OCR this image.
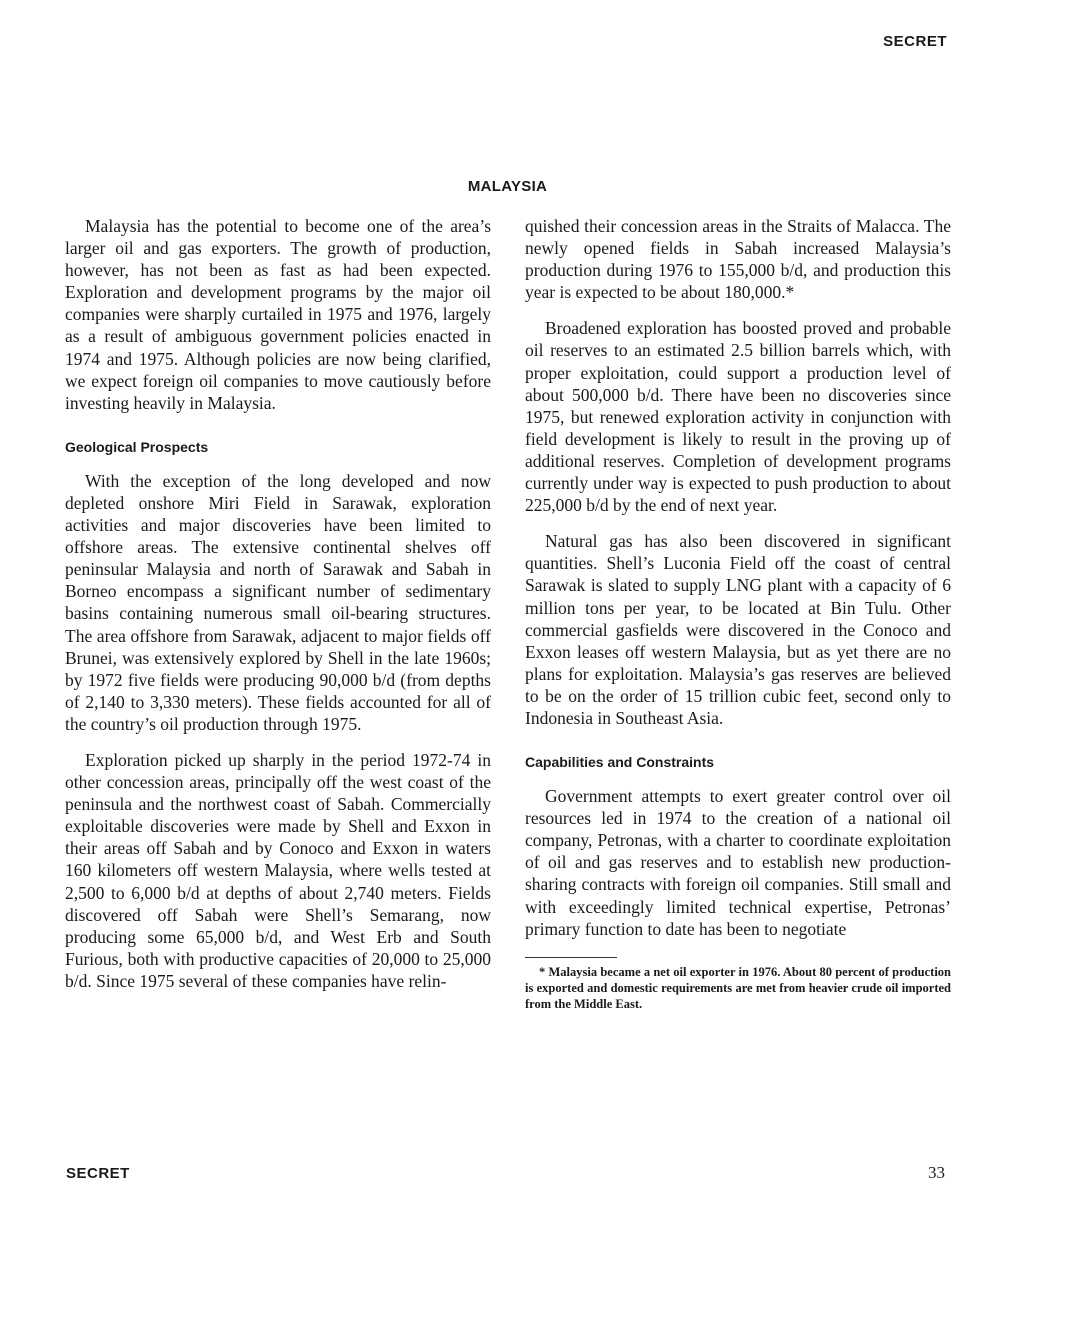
SECRET
MALAYSIA

Malaysia has the potential to become one of the area’s larger oil and gas exporters. The growth of production, however, has not been as fast as had been expected. Exploration and development programs by the major oil companies were sharply curtailed in 1975 and 1976, largely as a result of ambiguous government policies enacted in 1974 and 1975. Although policies are now being clarified, we expect foreign oil companies to move cautiously before investing heavily in Malaysia.

Geological Prospects

With the exception of the long developed and now depleted onshore Miri Field in Sarawak, exploration activities and major discoveries have been limited to offshore areas. The extensive continental shelves off peninsular Malaysia and north of Sarawak and Sabah in Borneo encompass a significant number of sedimentary basins containing numerous small oil-bearing structures. The area offshore from Sarawak, adjacent to major fields off Brunei, was extensively explored by Shell in the late 1960s; by 1972 five fields were producing 90,000 b/d (from depths of 2,140 to 3,330 meters). These fields accounted for all of the country’s oil production through 1975.

Exploration picked up sharply in the period 1972-74 in other concession areas, principally off the west coast of the peninsula and the northwest coast of Sabah. Commercially exploitable discoveries were made by Shell and Exxon in their areas off Sabah and by Conoco and Exxon in waters 160 kilometers off western Malaysia, where wells tested at 2,500 to 6,000 b/d at depths of about 2,740 meters. Fields discovered off Sabah were Shell’s Semarang, now producing some 65,000 b/d, and West Erb and South Furious, both with productive capacities of 20,000 to 25,000 b/d. Since 1975 several of these companies have relin-

quished their concession areas in the Straits of Malacca. The newly opened fields in Sabah increased Malaysia’s production during 1976 to 155,000 b/d, and production this year is expected to be about 180,000.*

Broadened exploration has boosted proved and probable oil reserves to an estimated 2.5 billion barrels which, with proper exploitation, could support a production level of about 500,000 b/d. There have been no discoveries since 1975, but renewed exploration activity in conjunction with field development is likely to result in the proving up of additional reserves. Completion of development programs currently under way is expected to push production to about 225,000 b/d by the end of next year.

Natural gas has also been discovered in significant quantities. Shell’s Luconia Field off the coast of central Sarawak is slated to supply LNG plant with a capacity of 6 million tons per year, to be located at Bin Tulu. Other commercial gasfields were discovered in the Conoco and Exxon leases off western Malaysia, but as yet there are no plans for exploitation. Malaysia’s gas reserves are believed to be on the order of 15 trillion cubic feet, second only to Indonesia in Southeast Asia.

Capabilities and Constraints

Government attempts to exert greater control over oil resources led in 1974 to the creation of a national oil company, Petronas, with a charter to coordinate exploitation of oil and gas reserves and to establish new production-sharing contracts with foreign oil companies. Still small and with exceedingly limited technical expertise, Petronas’ primary function to date has been to negotiate

* Malaysia became a net oil exporter in 1976. About 80 percent of production is exported and domestic requirements are met from heavier crude oil imported from the Middle East.

SECRET	33
